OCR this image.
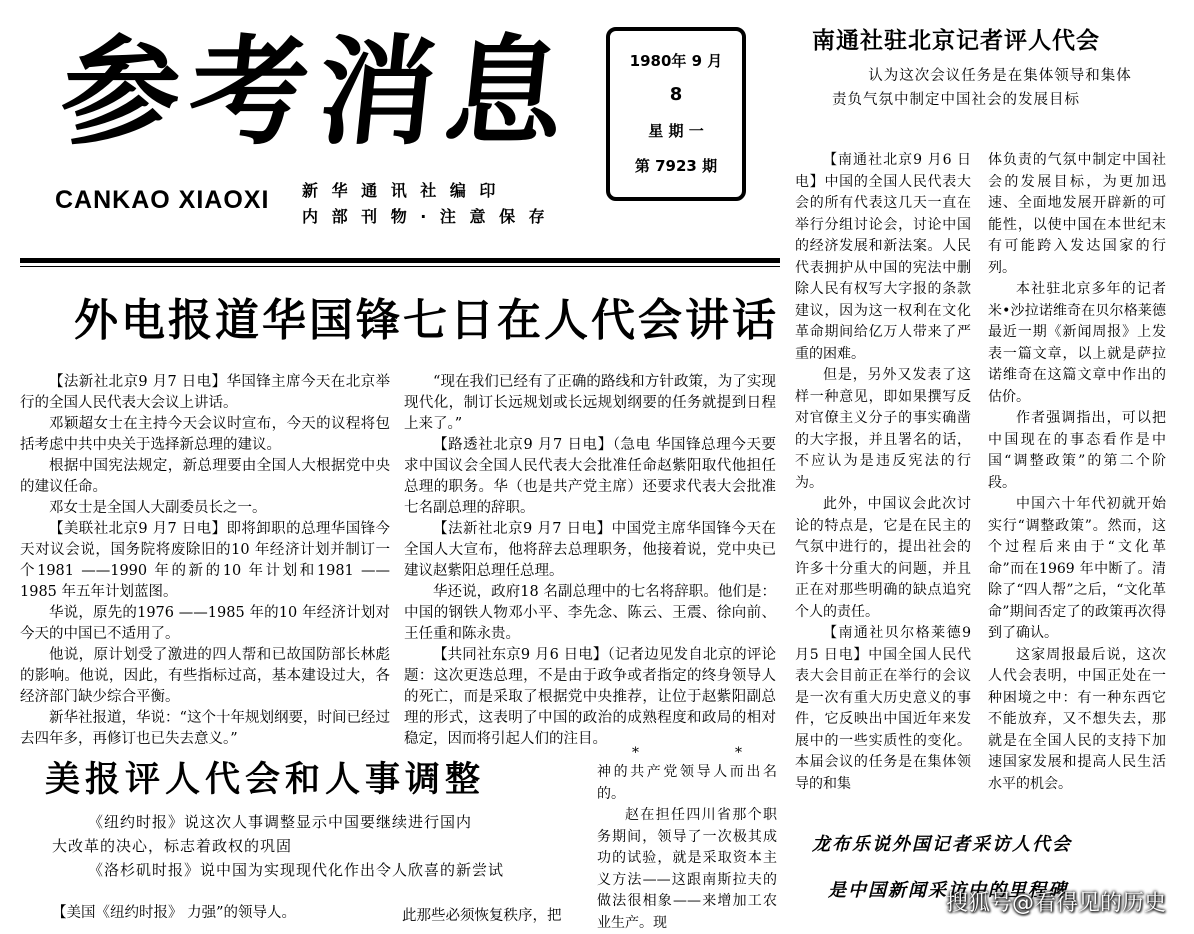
参考消息
CANKAO XIAOXI 新 华 通 讯 社 编 印
内 部 刊 物 · 注 意 保 存
1980年 9 月
8
星 期 一
第 7923 期
外电报道华国锋七日在人代会讲话

【法新社北京9 月7 日电】华国锋主席今天在北京举行的全国人民代表大会议上讲话。

邓颖超女士在主持今天会议时宣布，今天的议程将包括考虑中共中央关于选择新总理的建议。

根据中国宪法规定，新总理要由全国人大根据党中央的建议任命。

邓女士是全国人大副委员长之一。

【美联社北京9 月7 日电】即将卸职的总理华国锋今天对议会说，国务院将废除旧的10 年经济计划并制订一个1981 ——1990 年的新的10 年计划和1981 ——1985 年五年计划蓝图。

华说，原先的1976 ——1985 年的10 年经济计划对今天的中国已不适用了。

他说，原计划受了激进的四人帮和已故国防部长林彪的影响。他说，因此，有些指标过高，基本建设过大，各经济部门缺少综合平衡。

新华社报道，华说：“这个十年规划纲要，时间已经过去四年多，再修订也已失去意义。”

“现在我们已经有了正确的路线和方针政策，为了实现现代化，制订长远规划或长远规划纲要的任务就提到日程上来了。”

【路透社北京9 月7 日电】（急电 华国锋总理今天要求中国议会全国人民代表大会批准任命赵紫阳取代他担任总理的职务。华（也是共产党主席）还要求代表大会批准七名副总理的辞职。

【法新社北京9 月7 日电】中国党主席华国锋今天在全国人大宣布，他将辞去总理职务，他接着说，党中央已建议赵紫阳总理任总理。

华还说，政府18 名副总理中的七名将辞职。他们是：中国的钢铁人物邓小平、李先念、陈云、王震、徐向前、王任重和陈永贵。

【共同社东京9 月6 日电】（记者边见发自北京的评论题：这次更迭总理，不是由于政争或者指定的终身领导人的死亡，而是采取了根据党中央推荐，让位于赵紫阳副总理的形式，这表明了中国的政治的成熟程度和政局的相对稳定，因而将引起人们的注目。

【南通社北京9 月6 日电】中国的全国人民代表大会的所有代表这几天一直在举行分组讨论会，讨论中国的经济发展和新法案。人民代表拥护从中国的宪法中删除人民有权写大字报的条款建议，因为这一权利在文化革命期间给亿万人带来了严重的困难。

但是，另外又发表了这样一种意见，即如果撰写反对官僚主义分子的事实确凿的大字报，并且署名的话，不应认为是违反宪法的行为。

此外，中国议会此次讨论的特点是，它是在民主的气氛中进行的，提出社会的许多十分重大的问题，并且正在对那些明确的缺点追究个人的责任。

【南通社贝尔格莱德9 月5 日电】中国全国人民代表大会目前正在举行的会议是一次有重大历史意义的事件，它反映出中国近年来发展中的一些实质性的变化。本届会议的任务是在集体领导的和集

南通社驻北京记者评人代会

认为这次会议任务是在集体领导和集体责负气氛中制定中国社会的发展目标

体负责的气氛中制定中国社会的发展目标，为更加迅速、全面地发展开辟新的可能性，以使中国在本世纪末有可能跨入发达国家的行列。

本社驻北京多年的记者米•沙拉诺维奇在贝尔格莱德最近一期《新闻周报》上发表一篇文章，以上就是萨拉诺维奇在这篇文章中作出的估价。

作者强调指出，可以把中国现在的事态看作是中国“调整政策”的第二个阶段。

中国六十年代初就开始实行“调整政策”。然而，这个过程后来由于“文化革命”而在1969 年中断了。清除了“四人帮”之后，“文化革命”期间否定了的政策再次得到了确认。

这家周报最后说，这次人代会表明，中国正处在一种困境之中：有一种东西它不能放弃，又不想失去，那就是在全国人民的支持下加速国家发展和提高人民生活水平的机会。

*	*

神的共产党领导人而出名的。

赵在担任四川省那个职务期间，领导了一次极其成功的试验，就是采取资本主义方法——这跟南斯拉夫的做法很相象——来增加工农业生产。现

美报评人代会和人事调整
《纽约时报》说这次人事调整显示中国要继续进行国内
大改革的决心，标志着政权的巩固
《洛杉矶时报》说中国为实现现代化作出令人欣喜的新尝试
【美国《纽约时报》 力强”的领导人。	此那些必须恢复秩序，把
龙布乐说外国记者采访人代会
是中国新闻采访中的里程碑
搜狐号@看得见的历史
